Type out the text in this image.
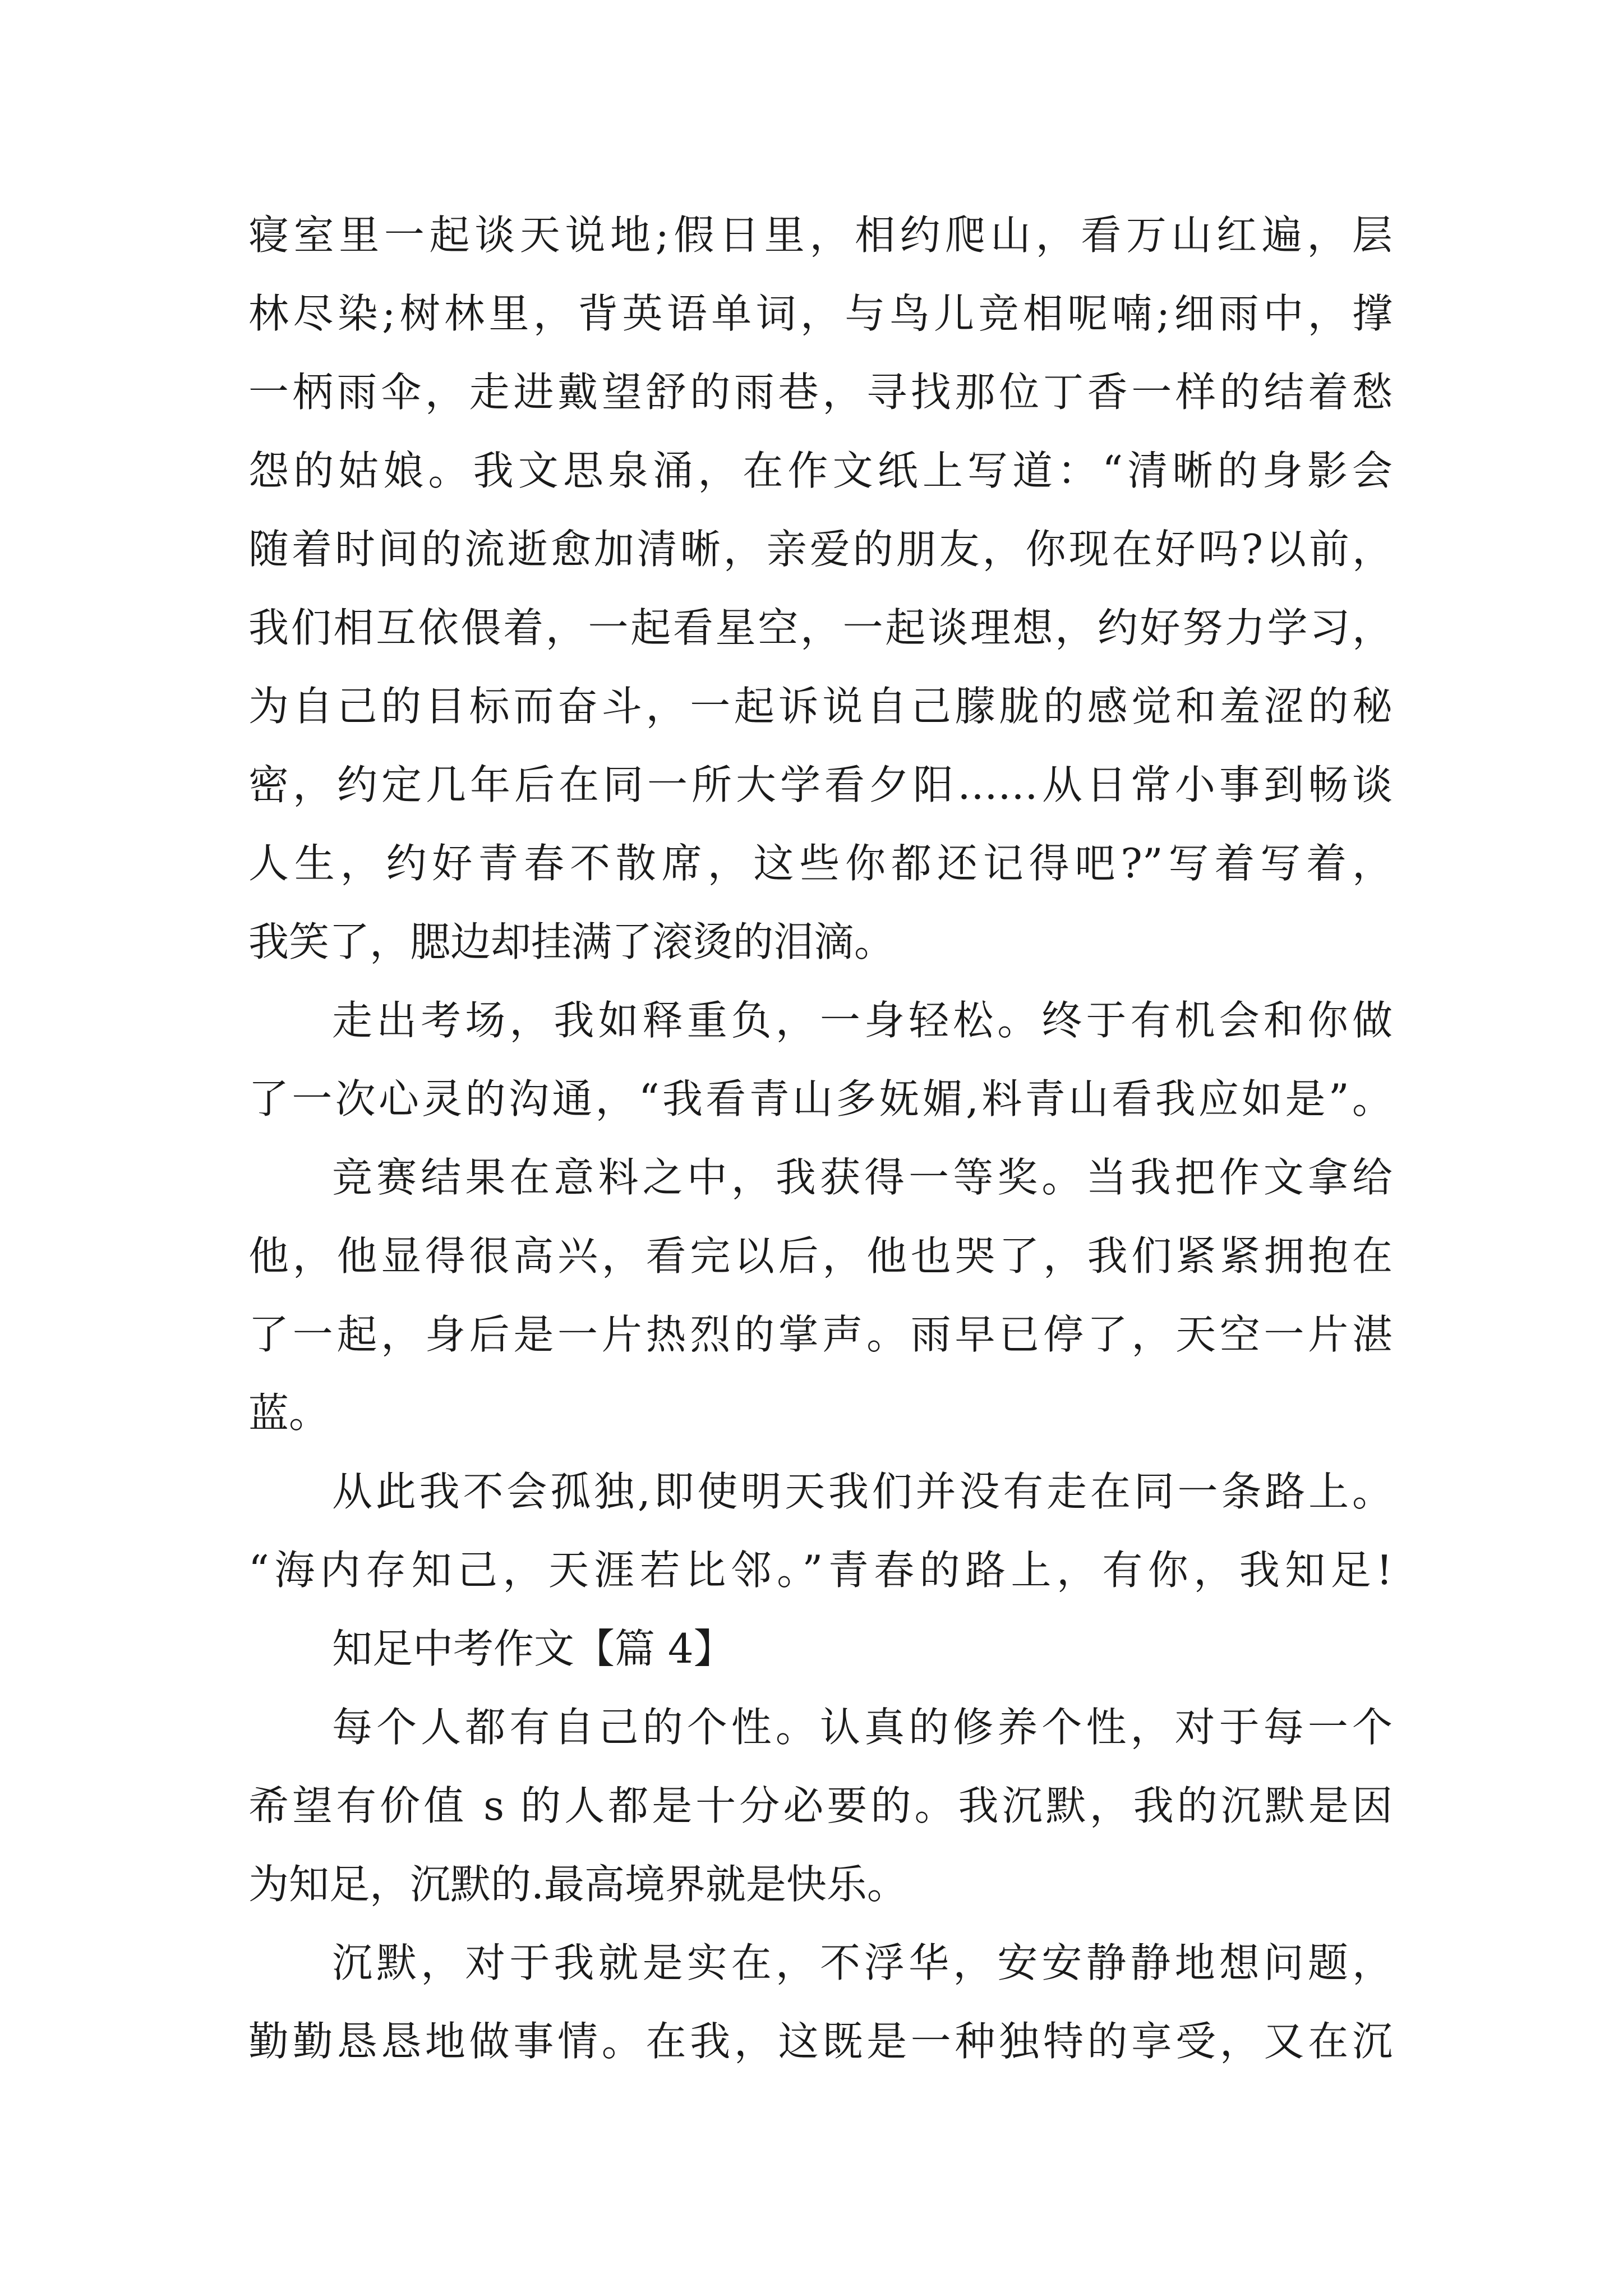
寝室里一起谈天说地;假日里，相约爬山，看万山红遍，层

林尽染;树林里，背英语单词，与鸟儿竞相呢喃;细雨中，撑

一柄雨伞，走进戴望舒的雨巷，寻找那位丁香一样的结着愁

怨的姑娘。我文思泉涌，在作文纸上写道：“清晰的身影会

随着时间的流逝愈加清晰，亲爱的朋友，你现在好吗?以前，

我们相互依偎着，一起看星空，一起谈理想，约好努力学习，

为自己的目标而奋斗，一起诉说自己朦胧的感觉和羞涩的秘

密，约定几年后在同一所大学看夕阳……从日常小事到畅谈

人生，约好青春不散席，这些你都还记得吧?”写着写着，

我笑了，腮边却挂满了滚烫的泪滴。

走出考场，我如释重负，一身轻松。终于有机会和你做

了一次心灵的沟通，“我看青山多妩媚,料青山看我应如是”。

竞赛结果在意料之中，我获得一等奖。当我把作文拿给

他，他显得很高兴，看完以后，他也哭了，我们紧紧拥抱在

了一起，身后是一片热烈的掌声。雨早已停了，天空一片湛

蓝。

从此我不会孤独,即使明天我们并没有走在同一条路上。

“海内存知己，天涯若比邻。”青春的路上，有你，我知足!

知足中考作文【篇 4】

每个人都有自己的个性。认真的修养个性，对于每一个

希望有价值 s 的人都是十分必要的。我沉默，我的沉默是因

为知足，沉默的.最高境界就是快乐。

沉默，对于我就是实在，不浮华，安安静静地想问题，

勤勤恳恳地做事情。在我，这既是一种独特的享受，又在沉
